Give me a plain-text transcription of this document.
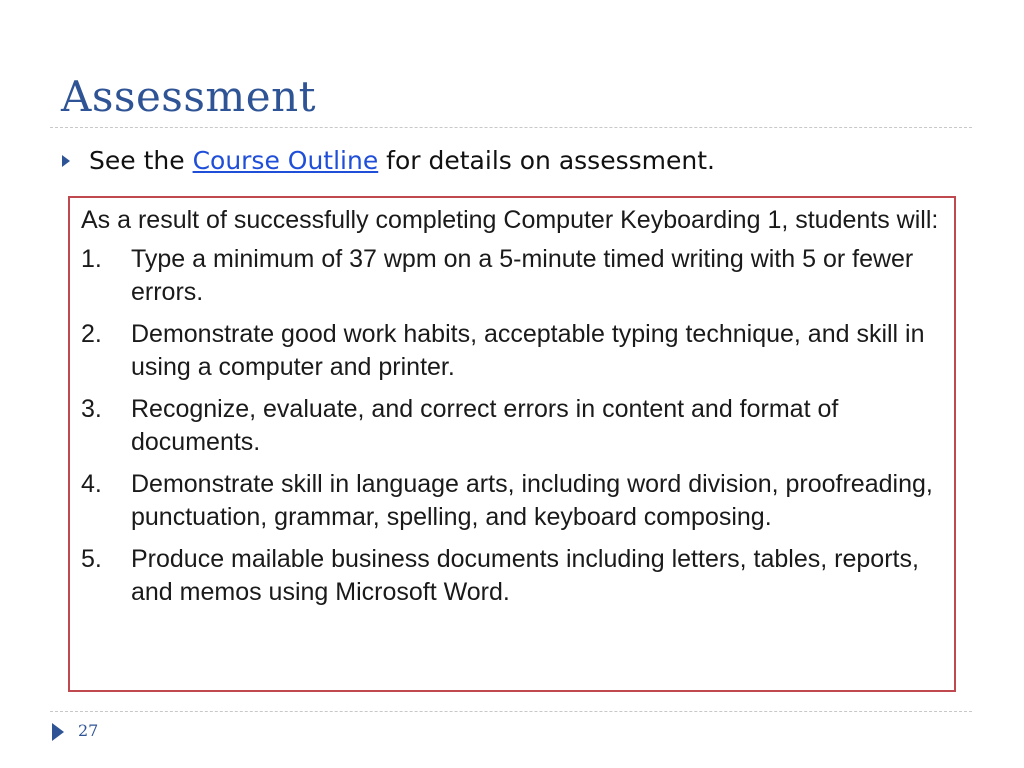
Assessment
See the Course Outline for details on assessment.
As a result of successfully completing Computer Keyboarding 1, students will:
1.	Type a minimum of 37 wpm on a 5-minute timed writing with 5 or fewer errors.
2.	Demonstrate good work habits, acceptable typing technique, and skill in using a computer and printer.
3.	Recognize, evaluate, and correct errors in content and format of documents.
4.	Demonstrate skill in language arts, including word division, proofreading, punctuation, grammar, spelling, and keyboard composing.
5.	Produce mailable business documents including letters, tables, reports, and memos using Microsoft Word.
27
